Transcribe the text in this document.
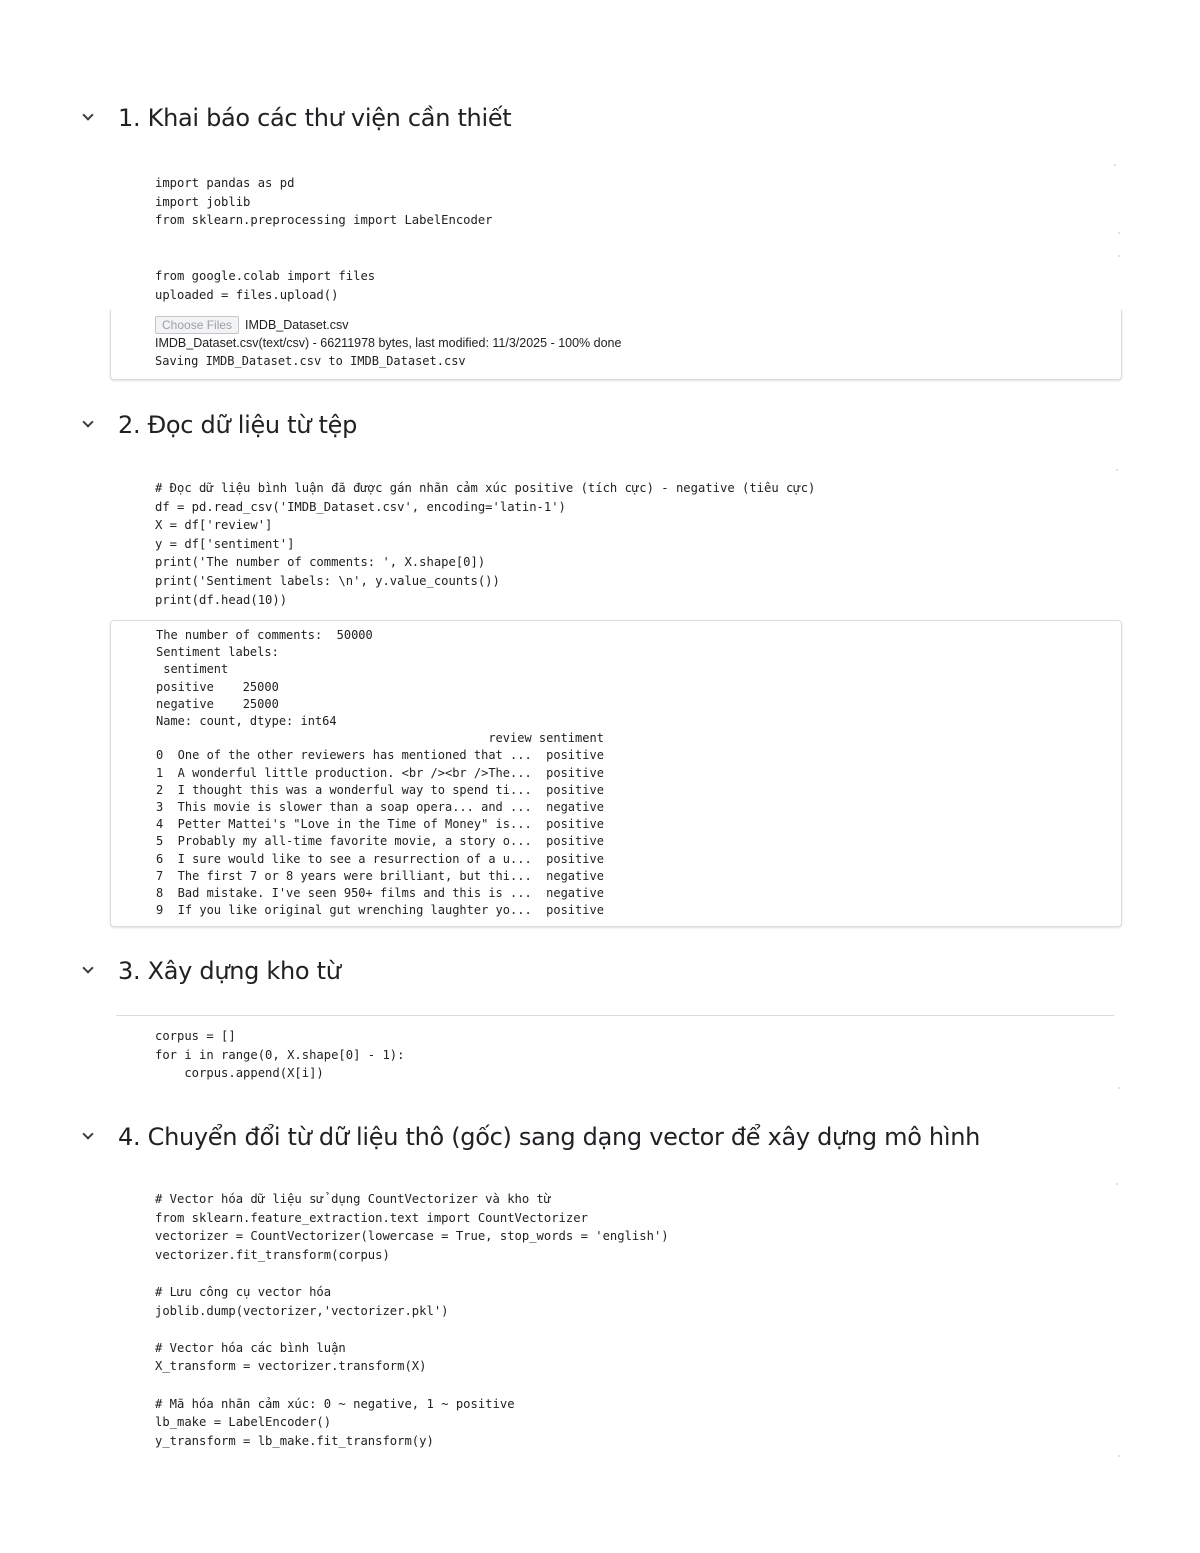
1. Khai báo các thư viện cần thiết
import pandas as pd
import joblib
from sklearn.preprocessing import LabelEncoder

from google.colab import files
uploaded = files.upload()
Choose Files	IMDB_Dataset.csv
IMDB_Dataset.csv(text/csv) - 66211978 bytes, last modified: 11/3/2025 - 100% done
Saving IMDB_Dataset.csv to IMDB_Dataset.csv
2. Đọc dữ liệu từ tệp
# Đọc dữ liệu bình luận đã được gán nhãn cảm xúc positive (tích cực) - negative (tiêu cực)
df = pd.read_csv('IMDB_Dataset.csv', encoding='latin-1')
X = df['review']
y = df['sentiment']
print('The number of comments: ', X.shape[0])
print('Sentiment labels: \n', y.value_counts())
print(df.head(10))
The number of comments:  50000
Sentiment labels:
sentiment
positive    25000
negative    25000
Name: count, dtype: int64
review sentiment
0  One of the other reviewers has mentioned that ...  positive
1  A wonderful little production. <br /><br />The...  positive
2  I thought this was a wonderful way to spend ti...  positive
3  This movie is slower than a soap opera... and ...  negative
4  Petter Mattei's "Love in the Time of Money" is...  positive
5  Probably my all-time favorite movie, a story o...  positive
6  I sure would like to see a resurrection of a u...  positive
7  The first 7 or 8 years were brilliant, but thi...  negative
8  Bad mistake. I've seen 950+ films and this is ...  negative
9  If you like original gut wrenching laughter yo...  positive
3. Xây dựng kho từ
corpus = []
for i in range(0, X.shape[0] - 1):
corpus.append(X[i])
4. Chuyển đổi từ dữ liệu thô (gốc) sang dạng vector để xây dựng mô hình
# Vector hóa dữ liệu sử dụng CountVectorizer và kho từ
from sklearn.feature_extraction.text import CountVectorizer
vectorizer = CountVectorizer(lowercase = True, stop_words = 'english')
vectorizer.fit_transform(corpus)

# Lưu công cụ vector hóa
joblib.dump(vectorizer,'vectorizer.pkl')

# Vector hóa các bình luận
X_transform = vectorizer.transform(X)

# Mã hóa nhãn cảm xúc: 0 ~ negative, 1 ~ positive
lb_make = LabelEncoder()
y_transform = lb_make.fit_transform(y)
